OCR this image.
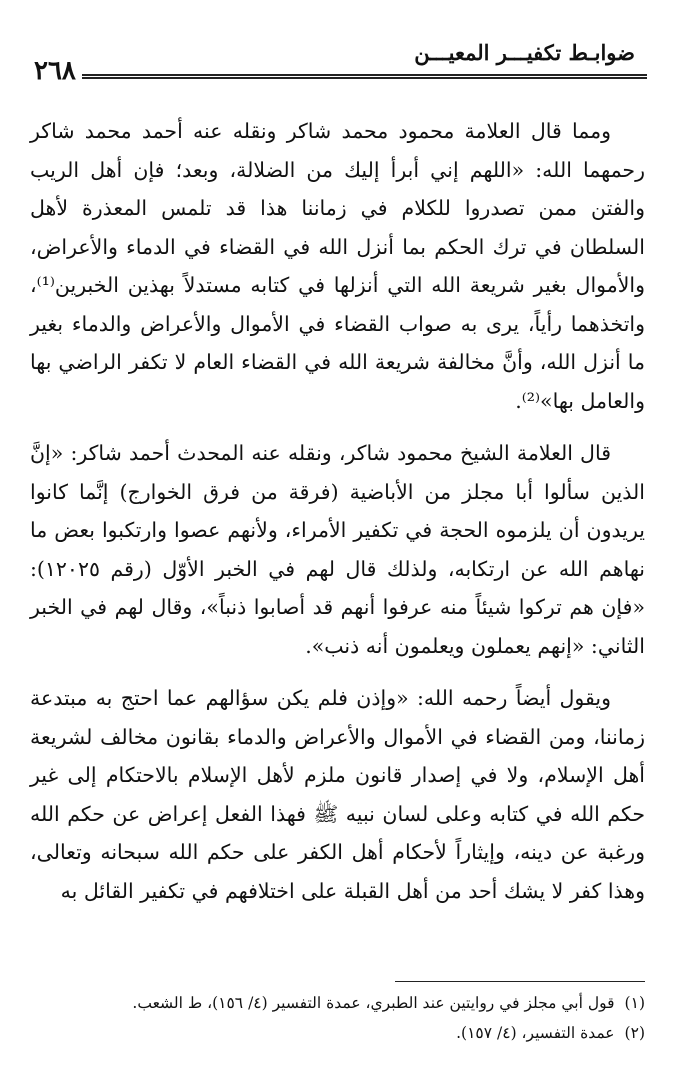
ضوابـط تكفيـــر المعيـــن
٢٦٨

ومما قال العلامة محمود محمد شاكر ونقله عنه أحمد محمد شاكر رحمهما الله: «اللهم إني أبرأ إليك من الضلالة، وبعد؛ فإن أهل الريب والفتن ممن تصدروا للكلام في زماننا هذا قد تلمس المعذرة لأهل السلطان في ترك الحكم بما أنزل الله في القضاء في الدماء والأعراض، والأموال بغير شريعة الله التي أنزلها في كتابه مستدلاً بهذين الخبرين⁽¹⁾، واتخذهما رأياً، يرى به صواب القضاء في الأموال والأعراض والدماء بغير ما أنزل الله، وأنَّ مخالفة شريعة الله في القضاء العام لا تكفر الراضي بها والعامل بها»⁽²⁾.

قال العلامة الشيخ محمود شاكر، ونقله عنه المحدث أحمد شاكر: «إنَّ الذين سألوا أبا مجلز من الأباضية (فرقة من فرق الخوارج) إنَّما كانوا يريدون أن يلزموه الحجة في تكفير الأمراء، ولأنهم عصوا وارتكبوا بعض ما نهاهم الله عن ارتكابه، ولذلك قال لهم في الخبر الأوّل (رقم ١٢٠٢٥): «فإن هم تركوا شيئاً منه عرفوا أنهم قد أصابوا ذنباً»، وقال لهم في الخبر الثاني: «إنهم يعملون ويعلمون أنه ذنب».

ويقول أيضاً رحمه الله: «وإذن فلم يكن سؤالهم عما احتج به مبتدعة زماننا، ومن القضاء في الأموال والأعراض والدماء بقانون مخالف لشريعة أهل الإسلام، ولا في إصدار قانون ملزم لأهل الإسلام بالاحتكام إلى غير حكم الله في كتابه وعلى لسان نبيه ﷺ فهذا الفعل إعراض عن حكم الله ورغبة عن دينه، وإيثاراً لأحكام أهل الكفر على حكم الله سبحانه وتعالى، وهذا كفر لا يشك أحد من أهل القبلة على اختلافهم في تكفير القائل به

(١)قول أبي مجلز في روايتين عند الطبري، عمدة التفسير (٤/ ١٥٦)، ط الشعب.

(٢)عمدة التفسير، (٤/ ١٥٧).
